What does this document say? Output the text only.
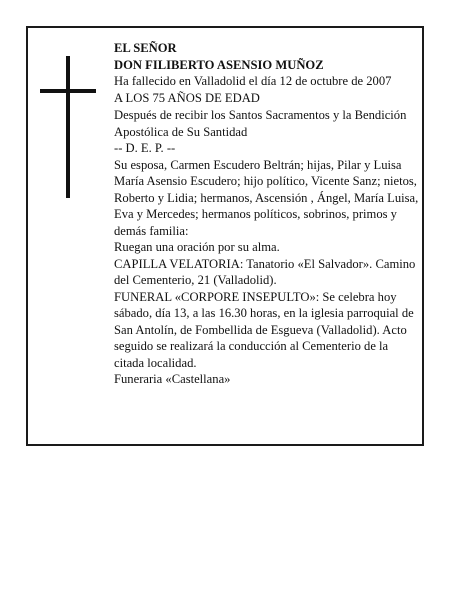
EL SEÑOR

DON FILIBERTO ASENSIO MUÑOZ

Ha fallecido en Valladolid el día 12 de octubre de 2007

A LOS 75 AÑOS DE EDAD

Después de recibir los Santos Sacramentos y la Bendición Apostólica de Su Santidad

-- D. E. P. --

Su esposa, Carmen Escudero Beltrán; hijas, Pilar y Luisa María Asensio Escudero; hijo político, Vicente Sanz; nietos, Roberto y Lidia; hermanos, Ascensión , Ángel, María Luisa, Eva y Mercedes; hermanos políticos, sobrinos, primos y demás familia:

Ruegan una oración por su alma.

CAPILLA VELATORIA: Tanatorio «El Salvador». Camino del Cementerio, 21 (Valladolid).

FUNERAL «CORPORE INSEPULTO»: Se celebra hoy sábado, día 13, a las 16.30 horas, en la iglesia parroquial de San Antolín, de Fombellida de Esgueva (Valladolid). Acto seguido se realizará la conducción al Cementerio de la citada localidad.

Funeraria «Castellana»
